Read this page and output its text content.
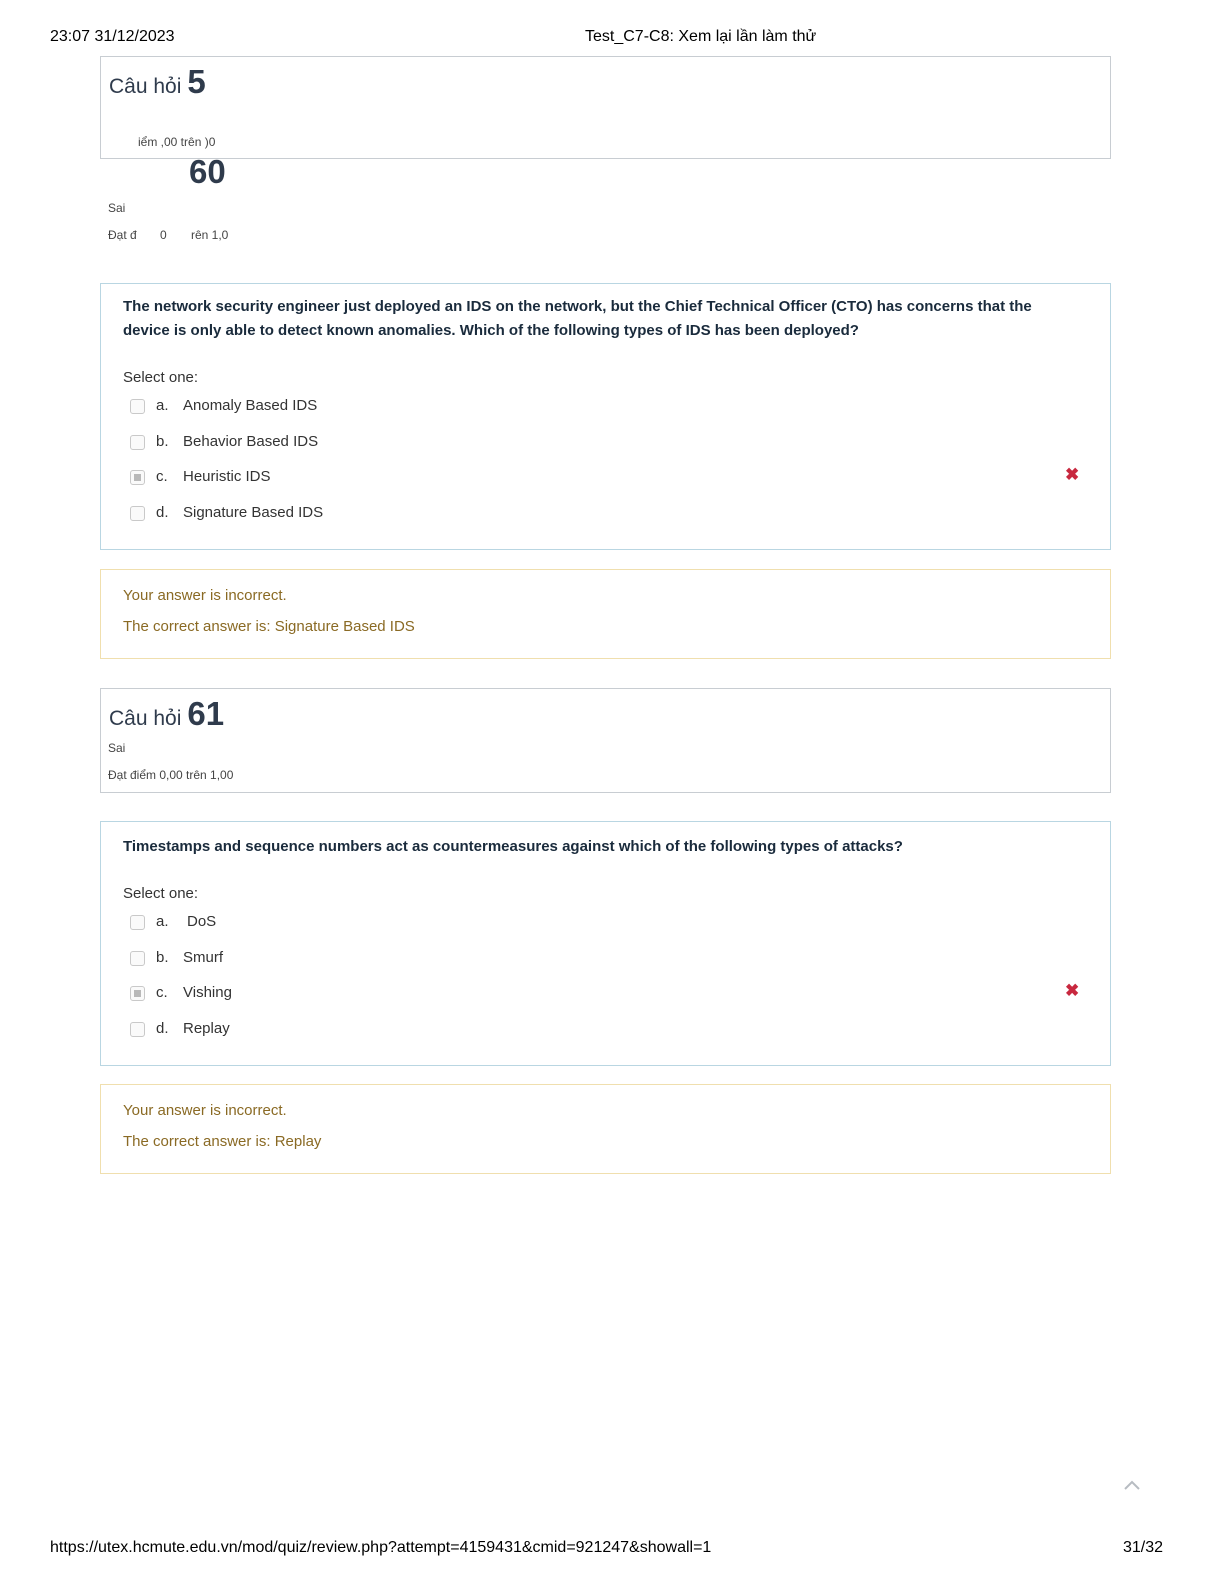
23:07 31/12/2023	Test_C7-C8: Xem lại lần làm thử
Câu hỏi 5
iểm ,00 trên )0
60
Sai
Đạt đ 0 rên 1,0
The network security engineer just deployed an IDS on the network, but the Chief Technical Officer (CTO) has concerns that the device is only able to detect known anomalies. Which of the following types of IDS has been deployed?
Select one:
a. Anomaly Based IDS
b. Behavior Based IDS
c. Heuristic IDS	✖
d. Signature Based IDS
Your answer is incorrect.
The correct answer is: Signature Based IDS
Câu hỏi 61
Sai
Đạt điểm 0,00 trên 1,00
Timestamps and sequence numbers act as countermeasures against which of the following types of attacks?
Select one:
a. DoS
b. Smurf
c. Vishing	✖
d. Replay
Your answer is incorrect.
The correct answer is: Replay
https://utex.hcmute.edu.vn/mod/quiz/review.php?attempt=4159431&cmid=921247&showall=1	31/32
